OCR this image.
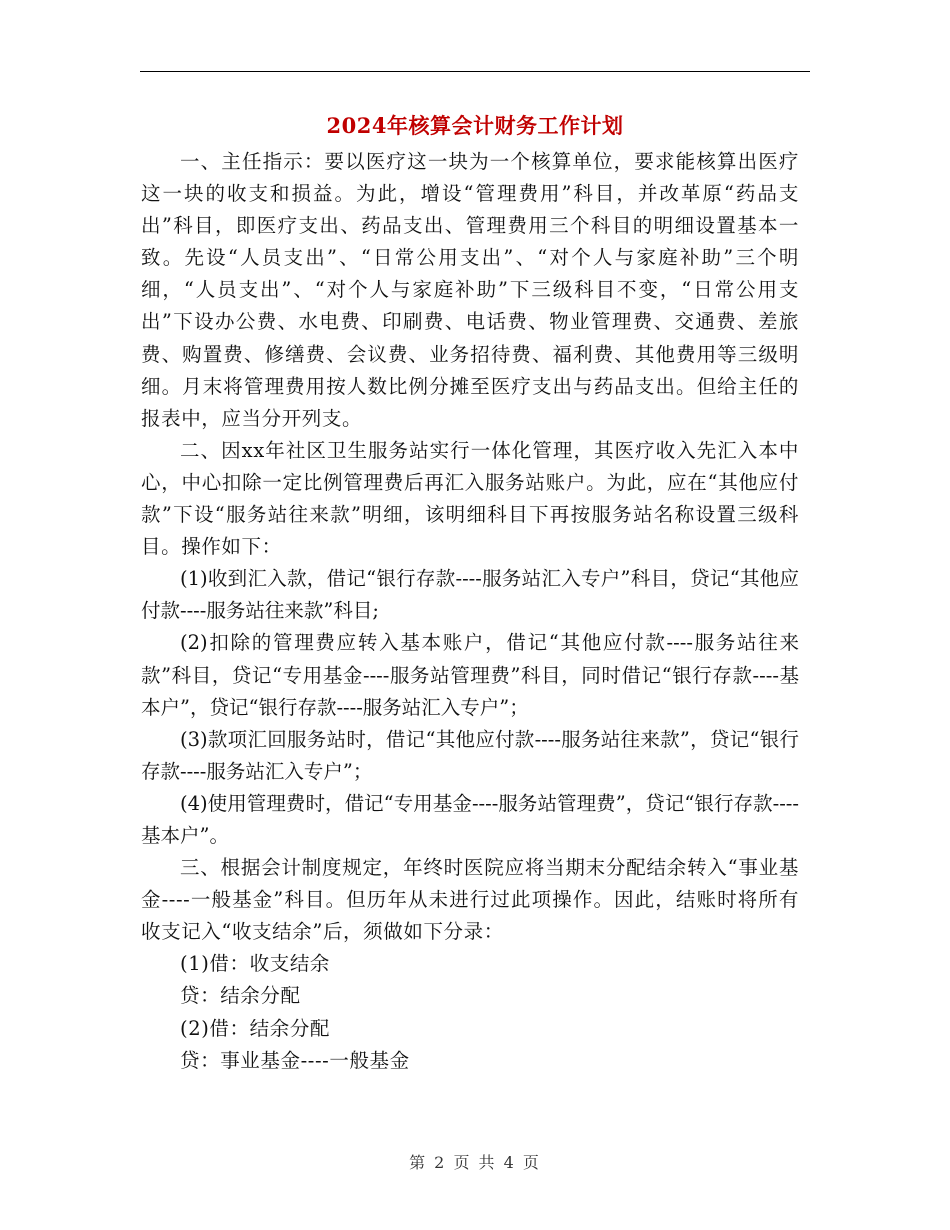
2024年核算会计财务工作计划

一、主任指示：要以医疗这一块为一个核算单位，要求能核算出医疗这一块的收支和损益。为此，增设“管理费用”科目，并改革原“药品支出”科目，即医疗支出、药品支出、管理费用三个科目的明细设置基本一致。先设“人员支出”、“日常公用支出”、“对个人与家庭补助”三个明细，“人员支出”、“对个人与家庭补助”下三级科目不变，“日常公用支出”下设办公费、水电费、印刷费、电话费、物业管理费、交通费、差旅费、购置费、修缮费、会议费、业务招待费、福利费、其他费用等三级明细。月末将管理费用按人数比例分摊至医疗支出与药品支出。但给主任的报表中，应当分开列支。

二、因xx年社区卫生服务站实行一体化管理，其医疗收入先汇入本中心，中心扣除一定比例管理费后再汇入服务站账户。为此，应在“其他应付款”下设“服务站往来款”明细，该明细科目下再按服务站名称设置三级科目。操作如下：

(1)收到汇入款，借记“银行存款----服务站汇入专户”科目，贷记“其他应付款----服务站往来款”科目;

(2)扣除的管理费应转入基本账户，借记“其他应付款----服务站往来款”科目，贷记“专用基金----服务站管理费”科目，同时借记“银行存款----基本户”，贷记“银行存款----服务站汇入专户”；

(3)款项汇回服务站时，借记“其他应付款----服务站往来款”，贷记“银行存款----服务站汇入专户”；

(4)使用管理费时，借记“专用基金----服务站管理费”，贷记“银行存款----基本户”。

三、根据会计制度规定，年终时医院应将当期末分配结余转入“事业基金----一般基金”科目。但历年从未进行过此项操作。因此，结账时将所有收支记入“收支结余”后，须做如下分录：

(1)借：收支结余

贷：结余分配

(2)借：结余分配

贷：事业基金----一般基金

第 2 页 共 4 页
